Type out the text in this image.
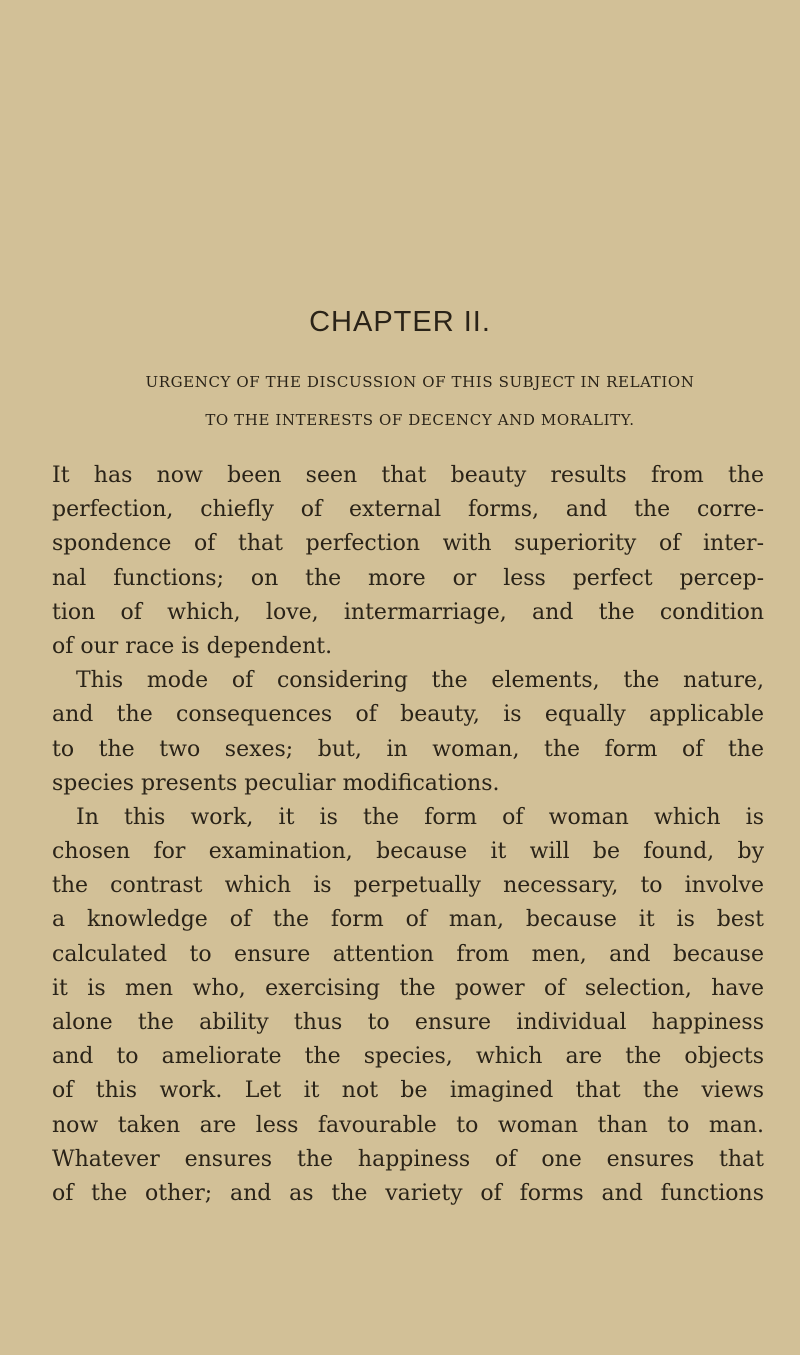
CHAPTER II.
URGENCY OF THE DISCUSSION OF THIS SUBJECT IN RELATION
TO THE INTERESTS OF DECENCY AND MORALITY.
It has now been seen that beauty results from the
perfection, chiefly of external forms, and the corre-
spondence of that perfection with superiority of inter-
nal functions; on the more or less perfect percep-
tion of which, love, intermarriage, and the condition
of our race is dependent.
This mode of considering the elements, the nature,
and the consequences of beauty, is equally applicable
to the two sexes; but, in woman, the form of the
species presents peculiar modifications.
In this work, it is the form of woman which is
chosen for examination, because it will be found, by
the contrast which is perpetually necessary, to involve
a knowledge of the form of man, because it is best
calculated to ensure attention from men, and because
it is men who, exercising the power of selection, have
alone the ability thus to ensure individual happiness
and to ameliorate the species, which are the objects
of this work. Let it not be imagined that the views
now taken are less favourable to woman than to man.
Whatever ensures the happiness of one ensures that
of the other; and as the variety of forms and functions
